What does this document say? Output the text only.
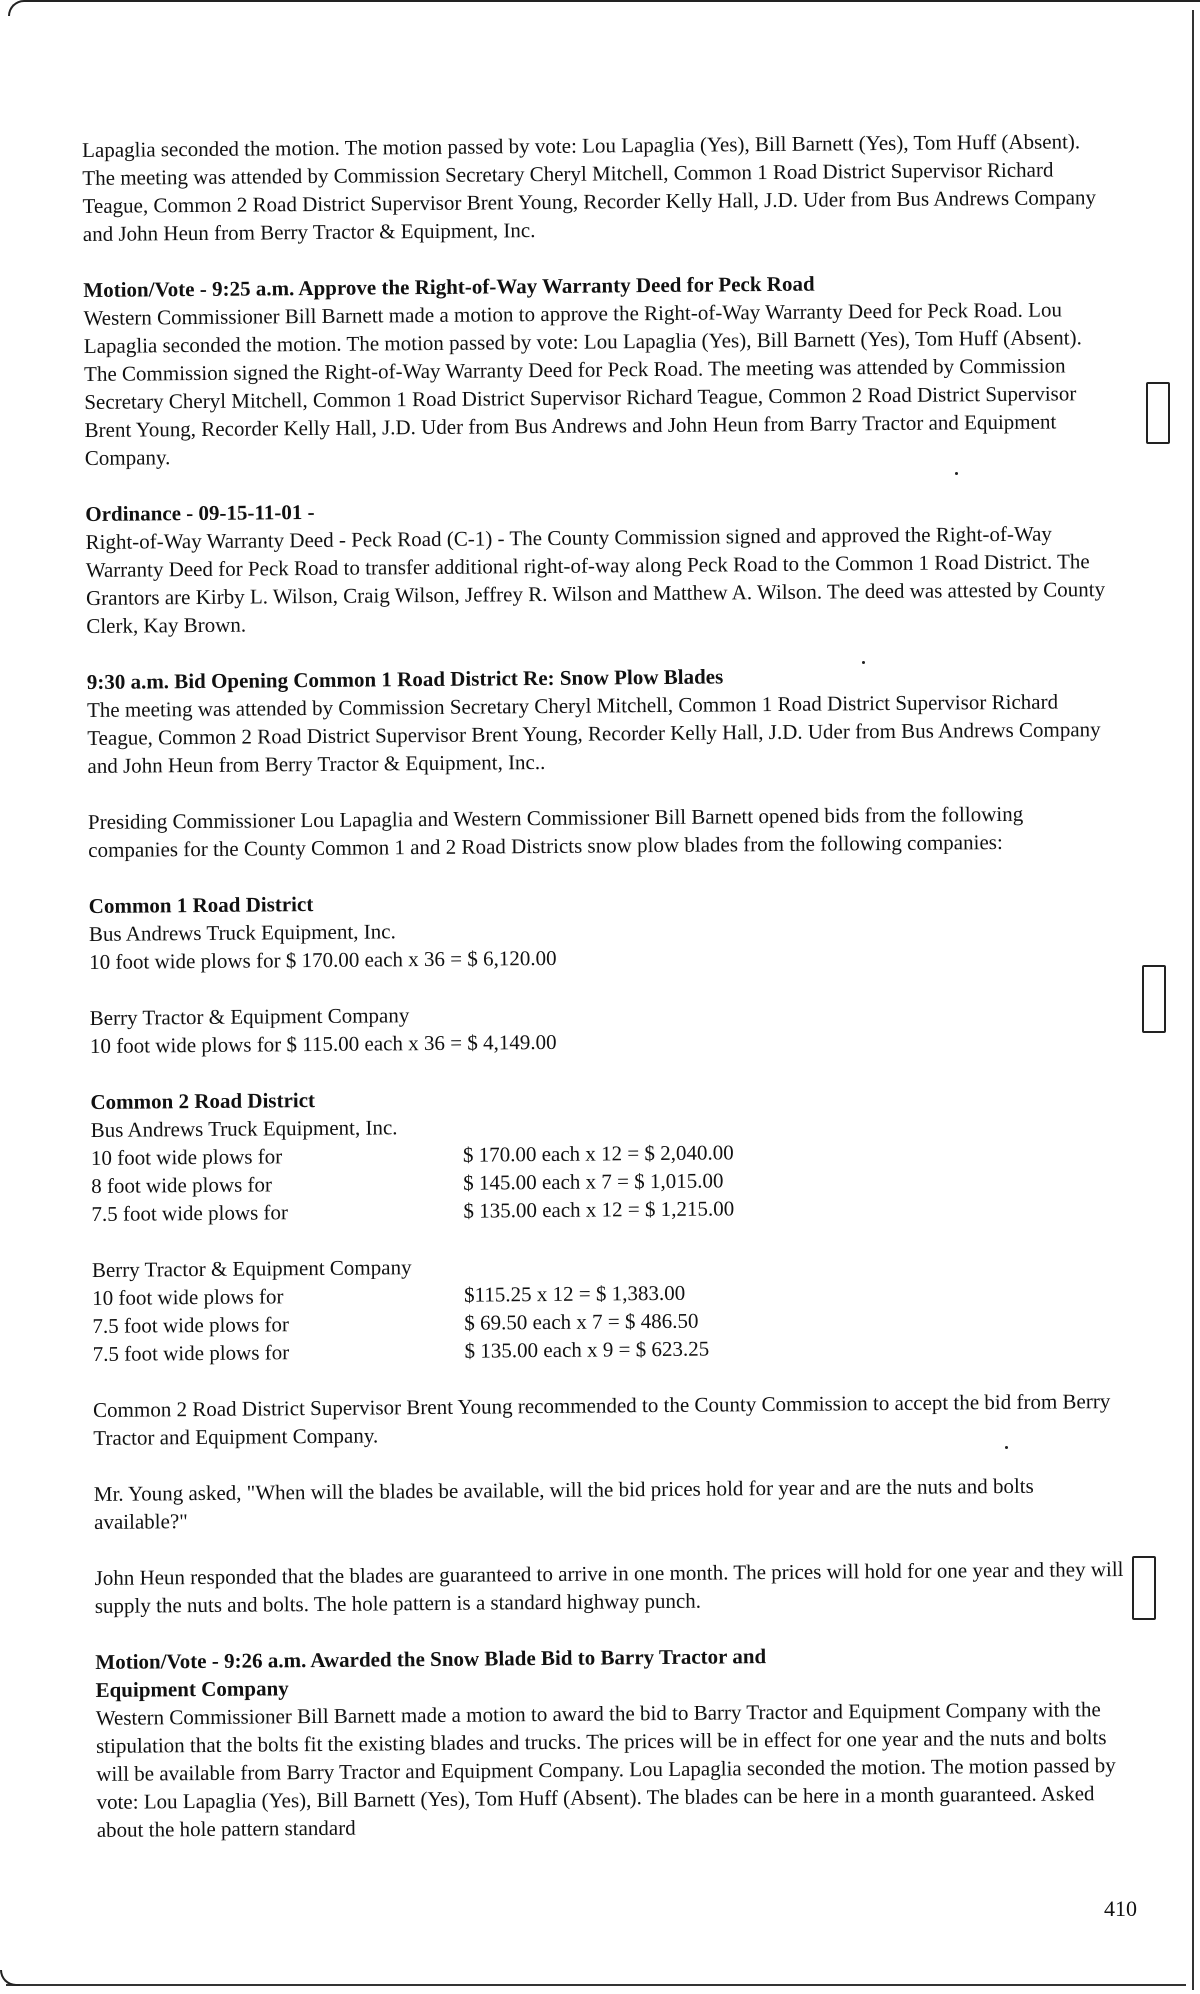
Lapaglia seconded the motion. The motion passed by vote: Lou Lapaglia (Yes), Bill Barnett (Yes), Tom Huff (Absent). The meeting was attended by Commission Secretary Cheryl Mitchell, Common 1 Road District Supervisor Richard Teague, Common 2 Road District Supervisor Brent Young, Recorder Kelly Hall, J.D. Uder from Bus Andrews Company and John Heun from Berry Tractor & Equipment, Inc.

Motion/Vote - 9:25 a.m. Approve the Right-of-Way Warranty Deed for Peck Road
Western Commissioner Bill Barnett made a motion to approve the Right-of-Way Warranty Deed for Peck Road. Lou Lapaglia seconded the motion. The motion passed by vote: Lou Lapaglia (Yes), Bill Barnett (Yes), Tom Huff (Absent). The Commission signed the Right-of-Way Warranty Deed for Peck Road. The meeting was attended by Commission Secretary Cheryl Mitchell, Common 1 Road District Supervisor Richard Teague, Common 2 Road District Supervisor Brent Young, Recorder Kelly Hall, J.D. Uder from Bus Andrews and John Heun from Barry Tractor and Equipment Company.
Ordinance - 09-15-11-01 -
Right-of-Way Warranty Deed - Peck Road (C-1) - The County Commission signed and approved the Right-of-Way Warranty Deed for Peck Road to transfer additional right-of-way along Peck Road to the Common 1 Road District. The Grantors are Kirby L. Wilson, Craig Wilson, Jeffrey R. Wilson and Matthew A. Wilson. The deed was attested by County Clerk, Kay Brown.
9:30 a.m. Bid Opening Common 1 Road District Re: Snow Plow Blades
The meeting was attended by Commission Secretary Cheryl Mitchell, Common 1 Road District Supervisor Richard Teague, Common 2 Road District Supervisor Brent Young, Recorder Kelly Hall, J.D. Uder from Bus Andrews Company and John Heun from Berry Tractor & Equipment, Inc..

Presiding Commissioner Lou Lapaglia and Western Commissioner Bill Barnett opened bids from the following companies for the County Common 1 and 2 Road Districts snow plow blades from the following companies:

Common 1 Road District
Bus Andrews Truck Equipment, Inc.
10 foot wide plows for $ 170.00 each x 36 = $ 6,120.00
Berry Tractor & Equipment Company
10 foot wide plows for $ 115.00 each x 36 = $ 4,149.00
Common 2 Road District
Bus Andrews Truck Equipment, Inc.
10 foot wide plows for	$ 170.00 each x 12 = $ 2,040.00
8 foot wide plows for	$ 145.00 each x 7 = $ 1,015.00
7.5 foot wide plows for	$ 135.00 each x 12 = $ 1,215.00
Berry Tractor & Equipment Company
10 foot wide plows for	$115.25 x 12 = $ 1,383.00
7.5 foot wide plows for	$ 69.50 each x 7 = $ 486.50
7.5 foot wide plows for	$ 135.00 each x 9 = $ 623.25

Common 2 Road District Supervisor Brent Young recommended to the County Commission to accept the bid from Berry Tractor and Equipment Company.

Mr. Young asked, "When will the blades be available, will the bid prices hold for year and are the nuts and bolts available?"

John Heun responded that the blades are guaranteed to arrive in one month. The prices will hold for one year and they will supply the nuts and bolts. The hole pattern is a standard highway punch.

Motion/Vote - 9:26 a.m. Awarded the Snow Blade Bid to Barry Tractor and
Equipment Company
Western Commissioner Bill Barnett made a motion to award the bid to Barry Tractor and Equipment Company with the stipulation that the bolts fit the existing blades and trucks. The prices will be in effect for one year and the nuts and bolts will be available from Barry Tractor and Equipment Company. Lou Lapaglia seconded the motion. The motion passed by vote: Lou Lapaglia (Yes), Bill Barnett (Yes), Tom Huff (Absent). The blades can be here in a month guaranteed. Asked about the hole pattern standard
410
